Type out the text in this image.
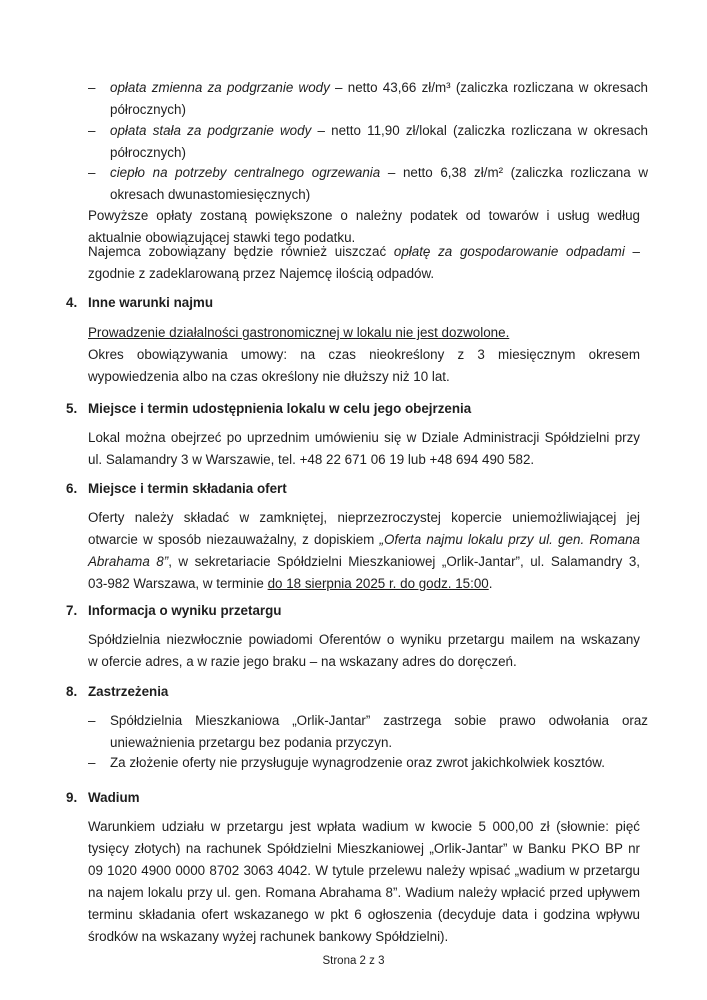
– opłata zmienna za podgrzanie wody – netto 43,66 zł/m³ (zaliczka rozliczana w okresach
półrocznych)
– opłata stała za podgrzanie wody – netto 11,90 zł/lokal (zaliczka rozliczana w okresach
półrocznych)
– ciepło na potrzeby centralnego ogrzewania – netto 6,38 zł/m² (zaliczka rozliczana w
okresach dwunastomiesięcznych)
Powyższe opłaty zostaną powiększone o należny podatek od towarów i usług według
aktualnie obowiązującej stawki tego podatku.
Najemca zobowiązany będzie również uiszczać opłatę za gospodarowanie odpadami –
zgodnie z zadeklarowaną przez Najemcę ilością odpadów.
4. Inne warunki najmu
Prowadzenie działalności gastronomicznej w lokalu nie jest dozwolone.
Okres obowiązywania umowy: na czas nieokreślony z 3 miesięcznym okresem
wypowiedzenia albo na czas określony nie dłuższy niż 10 lat.
5. Miejsce i termin udostępnienia lokalu w celu jego obejrzenia
Lokal można obejrzeć po uprzednim umówieniu się w Dziale Administracji Spółdzielni przy
ul. Salamandry 3 w Warszawie, tel. +48 22 671 06 19 lub +48 694 490 582.
6. Miejsce i termin składania ofert
Oferty należy składać w zamkniętej, nieprzezroczystej kopercie uniemożliwiającej jej
otwarcie w sposób niezauważalny, z dopiskiem „Oferta najmu lokalu przy ul. gen. Romana
Abrahama 8”, w sekretariacie Spółdzielni Mieszkaniowej „Orlik-Jantar”, ul. Salamandry 3,
03-982 Warszawa, w terminie do 18 sierpnia 2025 r. do godz. 15:00.
7. Informacja o wyniku przetargu
Spółdzielnia niezwłocznie powiadomi Oferentów o wyniku przetargu mailem na wskazany
w ofercie adres, a w razie jego braku – na wskazany adres do doręczeń.
8. Zastrzeżenia
– Spółdzielnia Mieszkaniowa „Orlik-Jantar” zastrzega sobie prawo odwołania oraz
unieważnienia przetargu bez podania przyczyn.
– Za złożenie oferty nie przysługuje wynagrodzenie oraz zwrot jakichkolwiek kosztów.
9. Wadium
Warunkiem udziału w przetargu jest wpłata wadium w kwocie 5 000,00 zł (słownie: pięć
tysięcy złotych) na rachunek Spółdzielni Mieszkaniowej „Orlik-Jantar” w Banku PKO BP nr
09 1020 4900 0000 8702 3063 4042. W tytule przelewu należy wpisać „wadium w przetargu
na najem lokalu przy ul. gen. Romana Abrahama 8”. Wadium należy wpłacić przed upływem
terminu składania ofert wskazanego w pkt 6 ogłoszenia (decyduje data i godzina wpływu
środków na wskazany wyżej rachunek bankowy Spółdzielni).
Strona 2 z 3
